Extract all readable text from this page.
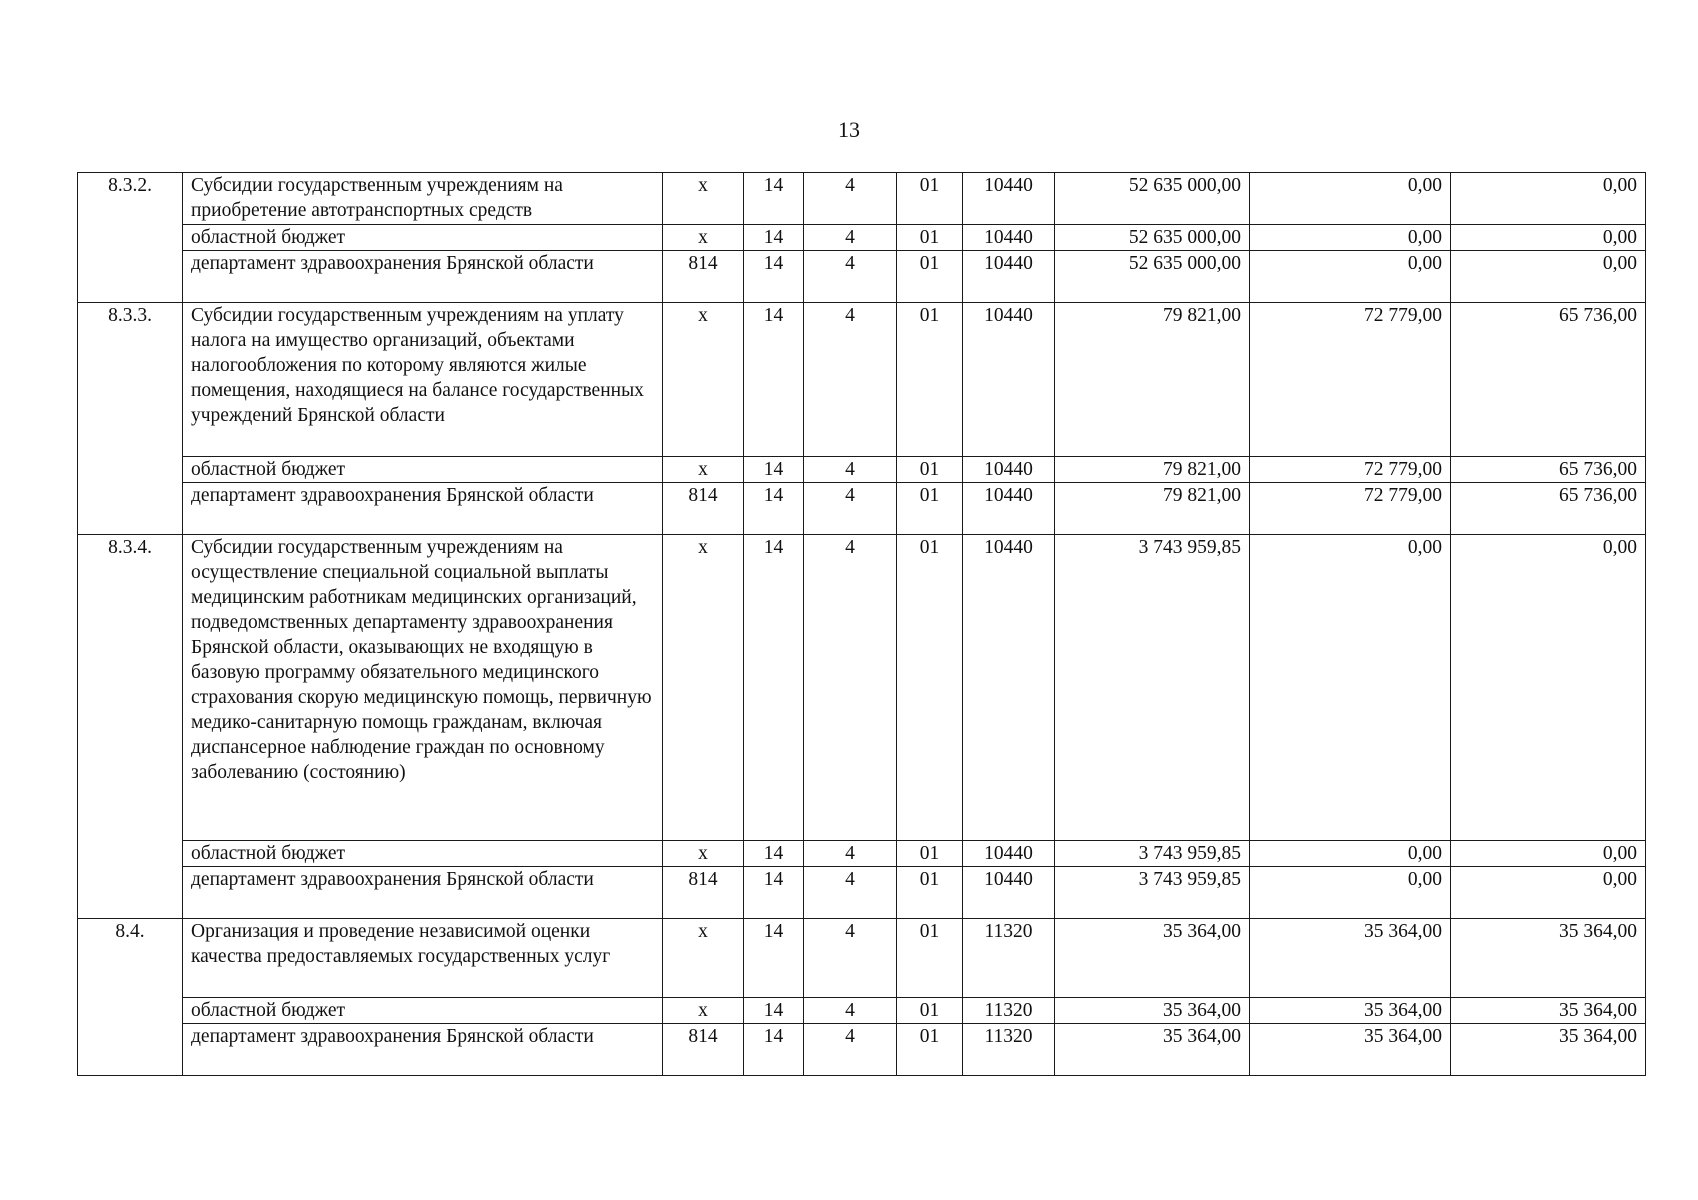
13
8.3.2.	Субсидии государственным учреждениям на приобретение автотранспортных средств	х	14	4	01	10440	52 635 000,00	0,00	0,00
	областной бюджет	х	14	4	01	10440	52 635 000,00	0,00	0,00
	департамент здравоохранения Брянской области	814	14	4	01	10440	52 635 000,00	0,00	0,00
8.3.3.	Субсидии государственным учреждениям на уплату налога на имущество организаций, объектами налогообложения по которому являются жилые помещения, находящиеся на балансе государственных учреждений Брянской области	х	14	4	01	10440	79 821,00	72 779,00	65 736,00
	областной бюджет	х	14	4	01	10440	79 821,00	72 779,00	65 736,00
	департамент здравоохранения Брянской области	814	14	4	01	10440	79 821,00	72 779,00	65 736,00
8.3.4.	Субсидии государственным учреждениям на осуществление специальной социальной выплаты медицинским работникам медицинских организаций, подведомственных департаменту здравоохранения Брянской области, оказывающих не входящую в базовую программу обязательного медицинского страхования скорую медицинскую помощь, первичную медико-санитарную помощь гражданам, включая диспансерное наблюдение граждан по основному заболеванию (состоянию)	х	14	4	01	10440	3 743 959,85	0,00	0,00
	областной бюджет	х	14	4	01	10440	3 743 959,85	0,00	0,00
	департамент здравоохранения Брянской области	814	14	4	01	10440	3 743 959,85	0,00	0,00
8.4.	Организация и проведение независимой оценки качества предоставляемых государственных услуг	х	14	4	01	11320	35 364,00	35 364,00	35 364,00
	областной бюджет	х	14	4	01	11320	35 364,00	35 364,00	35 364,00
	департамент здравоохранения Брянской области	814	14	4	01	11320	35 364,00	35 364,00	35 364,00
